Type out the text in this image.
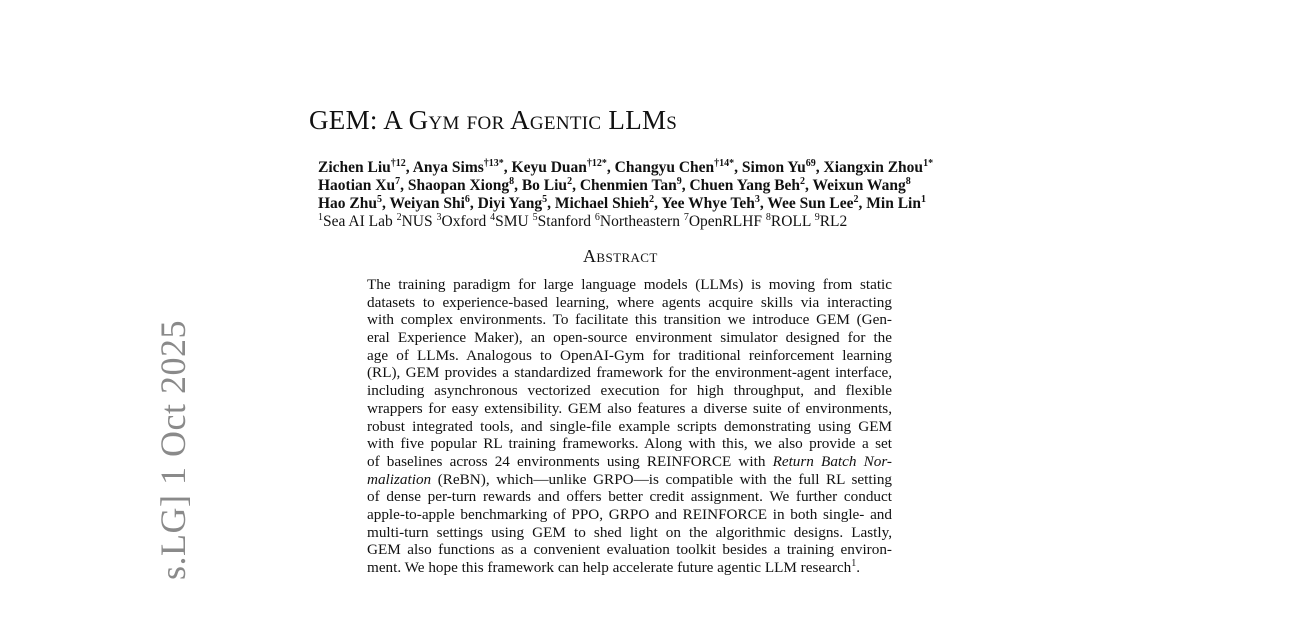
s.LG] 1 Oct 2025
GEM: A Gym for Agentic LLMs
Zichen Liu$^{\dagger 12}$, Anya Sims$^{\dagger 13*}$, Keyu Duan$^{\dagger 12*}$, Changyu Chen$^{\dagger 14*}$, Simon Yu$^{69}$, Xiangxin Zhou$^{1*}$
Haotian Xu$^7$, Shaopan Xiong$^8$, Bo Liu$^2$, Chenmien Tan$^9$, Chuen Yang Beh$^2$, Weixun Wang$^8$
Hao Zhu$^5$, Weiyan Shi$^6$, Diyi Yang$^5$, Michael Shieh$^2$, Yee Whye Teh$^3$, Wee Sun Lee$^2$, Min Lin$^1$
$^1$Sea AI Lab $^2$NUS $^3$Oxford $^4$SMU $^5$Stanford $^6$Northeastern $^7$OpenRLHF $^8$ROLL $^9$RL2
Abstract
The training paradigm for large language models (LLMs) is moving from static
datasets to experience-based learning, where agents acquire skills via interacting
with complex environments. To facilitate this transition we introduce GEM (Gen-
eral Experience Maker), an open-source environment simulator designed for the
age of LLMs. Analogous to OpenAI-Gym for traditional reinforcement learning
(RL), GEM provides a standardized framework for the environment-agent interface,
including asynchronous vectorized execution for high throughput, and flexible
wrappers for easy extensibility. GEM also features a diverse suite of environments,
robust integrated tools, and single-file example scripts demonstrating using GEM
with five popular RL training frameworks. Along with this, we also provide a set
of baselines across 24 environments using REINFORCE with Return Batch Nor-
malization (ReBN), which—unlike GRPO—is compatible with the full RL setting
of dense per-turn rewards and offers better credit assignment. We further conduct
apple-to-apple benchmarking of PPO, GRPO and REINFORCE in both single- and
multi-turn settings using GEM to shed light on the algorithmic designs. Lastly,
GEM also functions as a convenient evaluation toolkit besides a training environ-
ment. We hope this framework can help accelerate future agentic LLM research$^1$.
